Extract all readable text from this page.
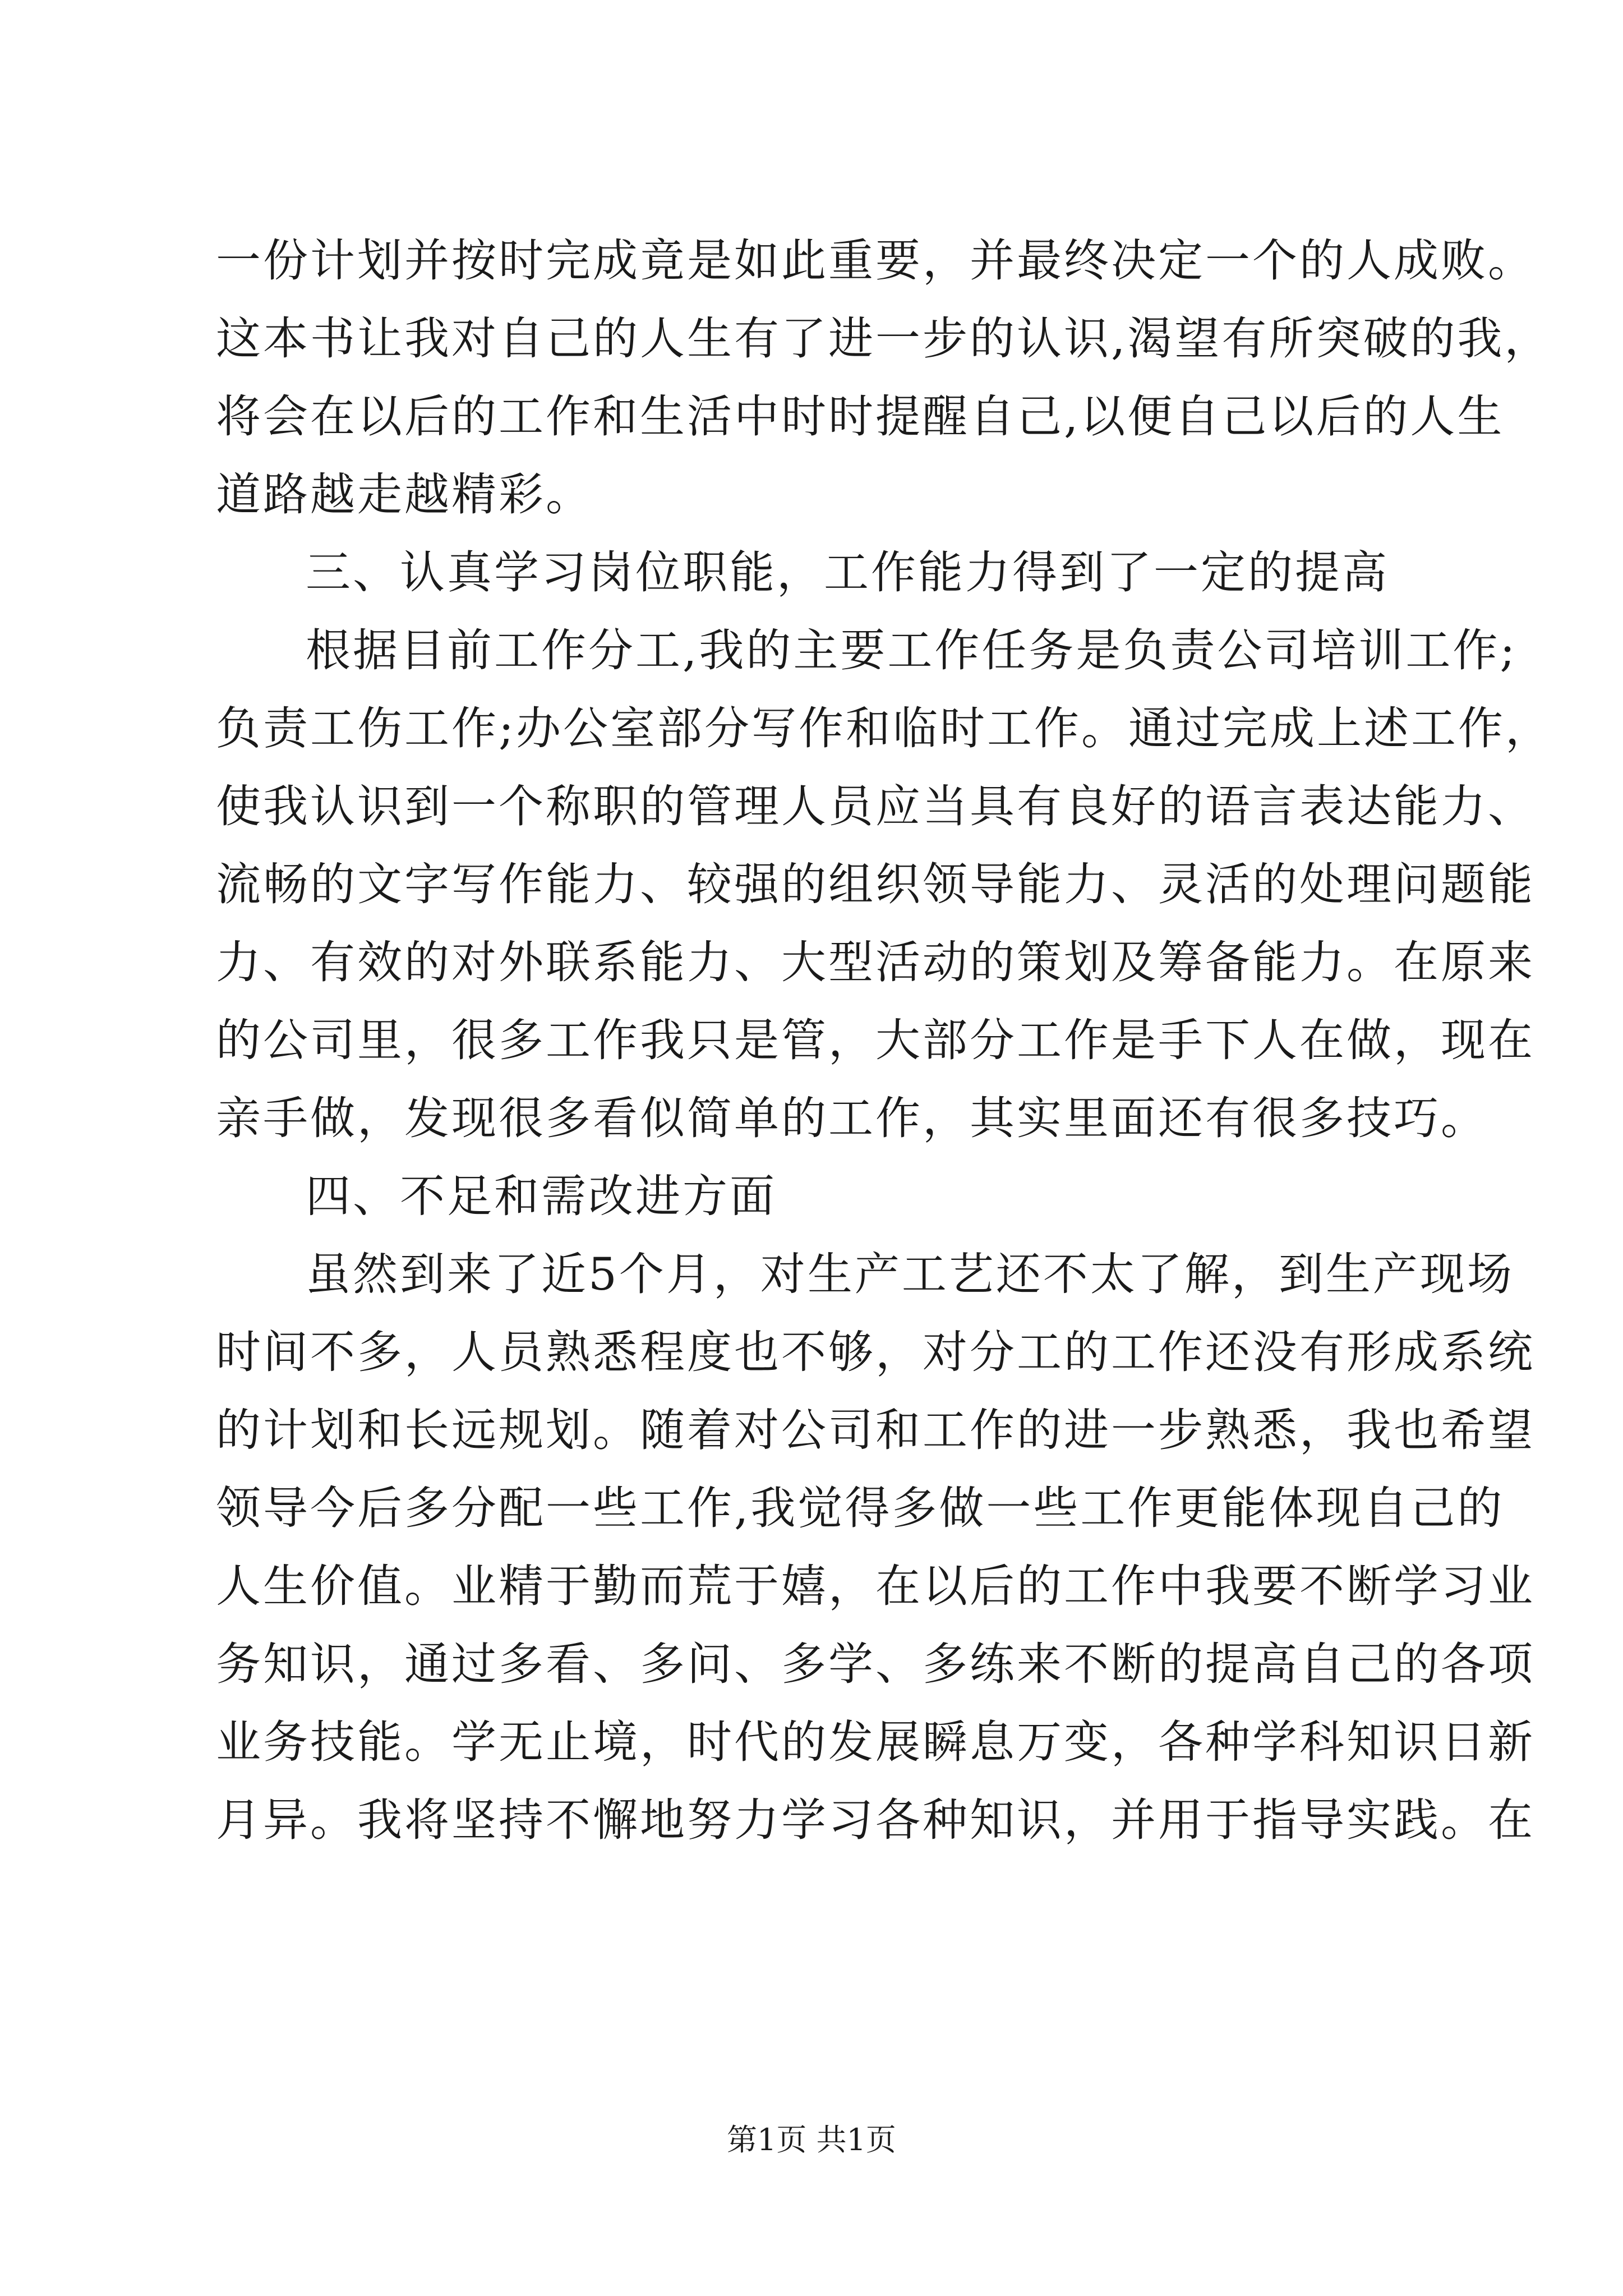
一份计划并按时完成竟是如此重要，并最终决定一个的人成败。
这本书让我对自己的人生有了进一步的认识,渴望有所突破的我，
将会在以后的工作和生活中时时提醒自己,以便自己以后的人生
道路越走越精彩。
三、认真学习岗位职能，工作能力得到了一定的提高
根据目前工作分工,我的主要工作任务是负责公司培训工作;
负责工伤工作;办公室部分写作和临时工作。通过完成上述工作，
使我认识到一个称职的管理人员应当具有良好的语言表达能力、
流畅的文字写作能力、较强的组织领导能力、灵活的处理问题能
力、有效的对外联系能力、大型活动的策划及筹备能力。在原来
的公司里，很多工作我只是管，大部分工作是手下人在做，现在
亲手做，发现很多看似简单的工作，其实里面还有很多技巧。
四、不足和需改进方面
虽然到来了近5个月，对生产工艺还不太了解，到生产现场
时间不多，人员熟悉程度也不够，对分工的工作还没有形成系统
的计划和长远规划。随着对公司和工作的进一步熟悉，我也希望
领导今后多分配一些工作,我觉得多做一些工作更能体现自己的
人生价值。业精于勤而荒于嬉，在以后的工作中我要不断学习业
务知识，通过多看、多问、多学、多练来不断的提高自己的各项
业务技能。学无止境，时代的发展瞬息万变，各种学科知识日新
月异。我将坚持不懈地努力学习各种知识，并用于指导实践。在
第1页 共1页
